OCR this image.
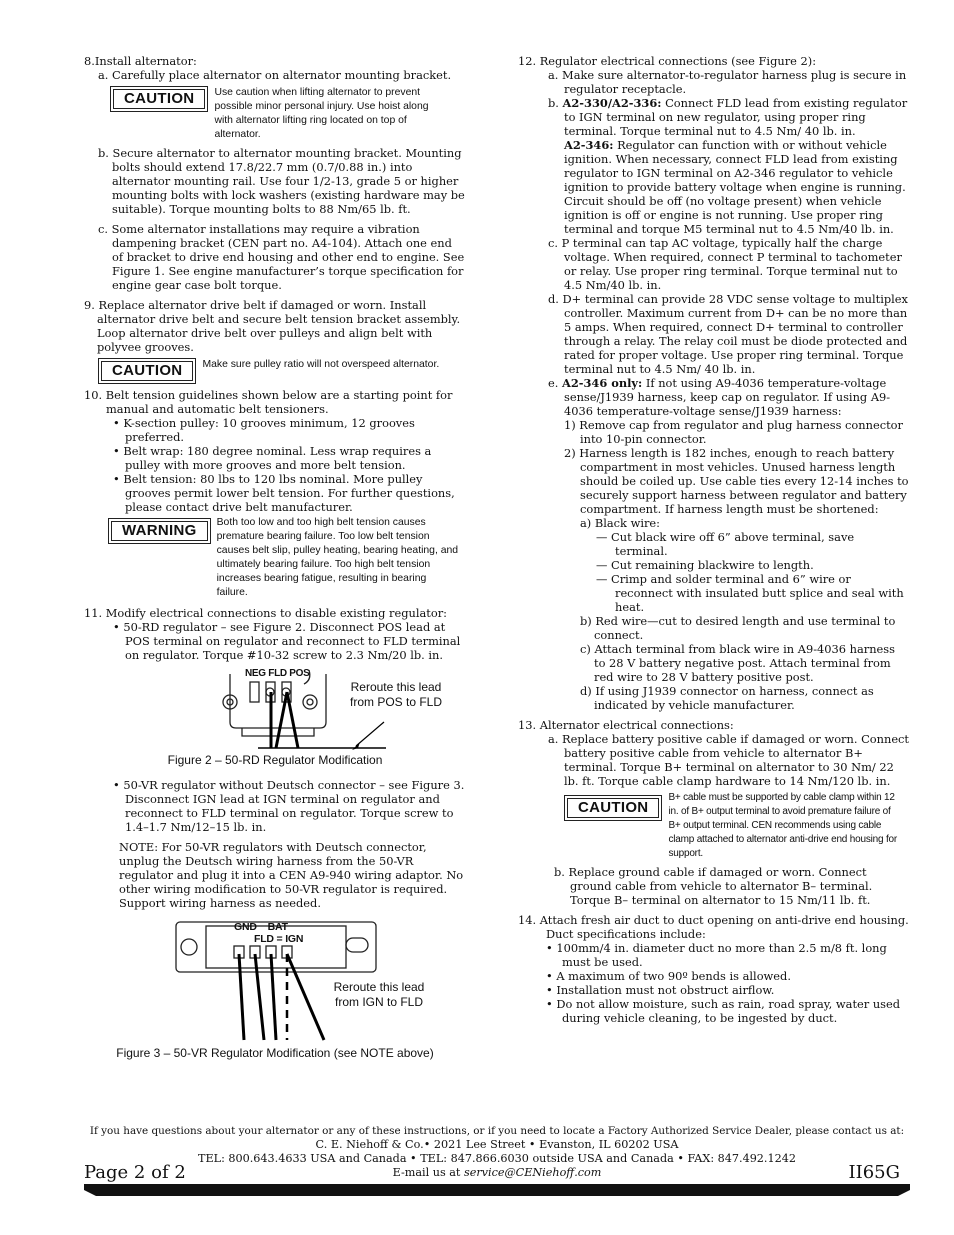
8.Install alternator:

a. Carefully place alternator on alternator mounting bracket.

CAUTION	Use caution when lifting alternator to prevent possible minor personal injury. Use hoist along with alternator lifting ring located on top of alternator.

b. Secure alternator to alternator mounting bracket. Mounting bolts should extend 17.8/22.7 mm (0.7/0.88 in.) into alternator mounting rail. Use four 1/2-13, grade 5 or higher mounting bolts with lock washers (existing hardware may be suitable). Torque mounting bolts to 88 Nm/65 lb. ft.

c. Some alternator installations may require a vibration dampening bracket (CEN part no. A4-104). Attach one end of bracket to drive end housing and other end to engine. See Figure 1. See engine manufacturer’s torque specification for engine gear case bolt torque.

9. Replace alternator drive belt if damaged or worn. Install alternator drive belt and secure belt tension bracket assembly. Loop alternator drive belt over pulleys and align belt with polyvee grooves.

CAUTION	Make sure pulley ratio will not overspeed alternator.

10. Belt tension guidelines shown below are a starting point for manual and automatic belt tensioners.

• K-section pulley: 10 grooves minimum, 12 grooves preferred.

• Belt wrap: 180 degree nominal. Less wrap requires a pulley with more grooves and more belt tension.

• Belt tension: 80 lbs to 120 lbs nominal. More pulley grooves permit lower belt tension. For further questions, please contact drive belt manufacturer.

WARNING	Both too low and too high belt tension causes premature bearing failure. Too low belt tension causes belt slip, pulley heating, bearing heating, and ultimately bearing failure. Too high belt tension increases bearing fatigue, resulting in bearing failure.

11. Modify electrical connections to disable existing regulator:

• 50-RD regulator – see Figure 2. Disconnect POS lead at POS terminal on regulator and reconnect to FLD terminal on regulator. Torque #10-32 screw to 2.3 Nm/20 lb. in.

NEG FLD POS
Reroute this lead from POS to FLD
Figure 2 – 50-RD Regulator Modification

• 50-VR regulator without Deutsch connector – see Figure 3. Disconnect IGN lead at IGN terminal on regulator and reconnect to FLD terminal on regulator. Torque screw to 1.4–1.7 Nm/12–15 lb. in.

NOTE: For 50-VR regulators with Deutsch connector, unplug the Deutsch wiring harness from the 50-VR regulator and plug it into a CEN A9-940 wiring adaptor. No other wiring modification to 50-VR regulator is required. Support wiring harness as needed.

GND BAT
FLD = IGN
Reroute this lead from IGN to FLD
Figure 3 – 50-VR Regulator Modification (see NOTE above)

12. Regulator electrical connections (see Figure 2):

a. Make sure alternator-to-regulator harness plug is secure in regulator receptacle.

b. A2-330/A2-336: Connect FLD lead from existing regulator to IGN terminal on new regulator, using proper ring terminal. Torque terminal nut to 4.5 Nm/ 40 lb. in.

A2-346: Regulator can function with or without vehicle ignition. When necessary, connect FLD lead from existing regulator to IGN terminal on A2-346 regulator to vehicle ignition to provide battery voltage when engine is running. Circuit should be off (no voltage present) when vehicle ignition is off or engine is not running. Use proper ring terminal and torque M5 terminal nut to 4.5 Nm/40 lb. in.

c. P terminal can tap AC voltage, typically half the charge voltage. When required, connect P terminal to tachometer or relay. Use proper ring terminal. Torque terminal nut to 4.5 Nm/40 lb. in.

d. D+ terminal can provide 28 VDC sense voltage to multiplex controller. Maximum current from D+ can be no more than 5 amps. When required, connect D+ terminal to controller through a relay. The relay coil must be diode protected and rated for proper voltage. Use proper ring terminal. Torque terminal nut to 4.5 Nm/ 40 lb. in.

e. A2-346 only: If not using A9-4036 temperature-voltage sense/J1939 harness, keep cap on regulator. If using A9-4036 temperature-voltage sense/J1939 harness:

1) Remove cap from regulator and plug harness connector into 10-pin connector.

2) Harness length is 182 inches, enough to reach battery compartment in most vehicles. Unused harness length should be coiled up. Use cable ties every 12-14 inches to securely support harness between regulator and battery compartment. If harness length must be shortened:

a) Black wire:

— Cut black wire off 6” above terminal, save terminal.

— Cut remaining blackwire to length.

— Crimp and solder terminal and 6” wire or reconnect with insulated butt splice and seal with heat.

b) Red wire—cut to desired length and use terminal to connect.

c) Attach terminal from black wire in A9-4036 harness to 28 V battery negative post. Attach terminal from red wire to 28 V battery positive post.

d) If using J1939 connector on harness, connect as indicated by vehicle manufacturer.

13. Alternator electrical connections:

a. Replace battery positive cable if damaged or worn. Connect battery positive cable from vehicle to alternator B+ terminal. Torque B+ terminal on alternator to 30 Nm/ 22 lb. ft. Torque cable clamp hardware to 14 Nm/120 lb. in.

CAUTION
B+ cable must be supported by cable clamp within 12 in. of B+ output terminal to avoid premature failure of B+ output terminal. CEN recommends using cable clamp attached to alternator anti-drive end housing for support.

b. Replace ground cable if damaged or worn. Connect ground cable from vehicle to alternator B– terminal. Torque B– terminal on alternator to 15 Nm/11 lb. ft.

14. Attach fresh air duct to duct opening on anti-drive end housing. Duct specifications include:

• 100mm/4 in. diameter duct no more than 2.5 m/8 ft. long must be used.

• A maximum of two 90º bends is allowed.

• Installation must not obstruct airflow.

• Do not allow moisture, such as rain, road spray, water used during vehicle cleaning, to be ingested by duct.

If you have questions about your alternator or any of these instructions, or if you need to locate a Factory Authorized Service Dealer, please contact us at:
C. E. Niehoff & Co.• 2021 Lee Street • Evanston, IL 60202 USA
TEL: 800.643.4633 USA and Canada • TEL: 847.866.6030 outside USA and Canada • FAX: 847.492.1242
E-mail us at service@CENiehoff.com
Page 2 of 2	II65G
